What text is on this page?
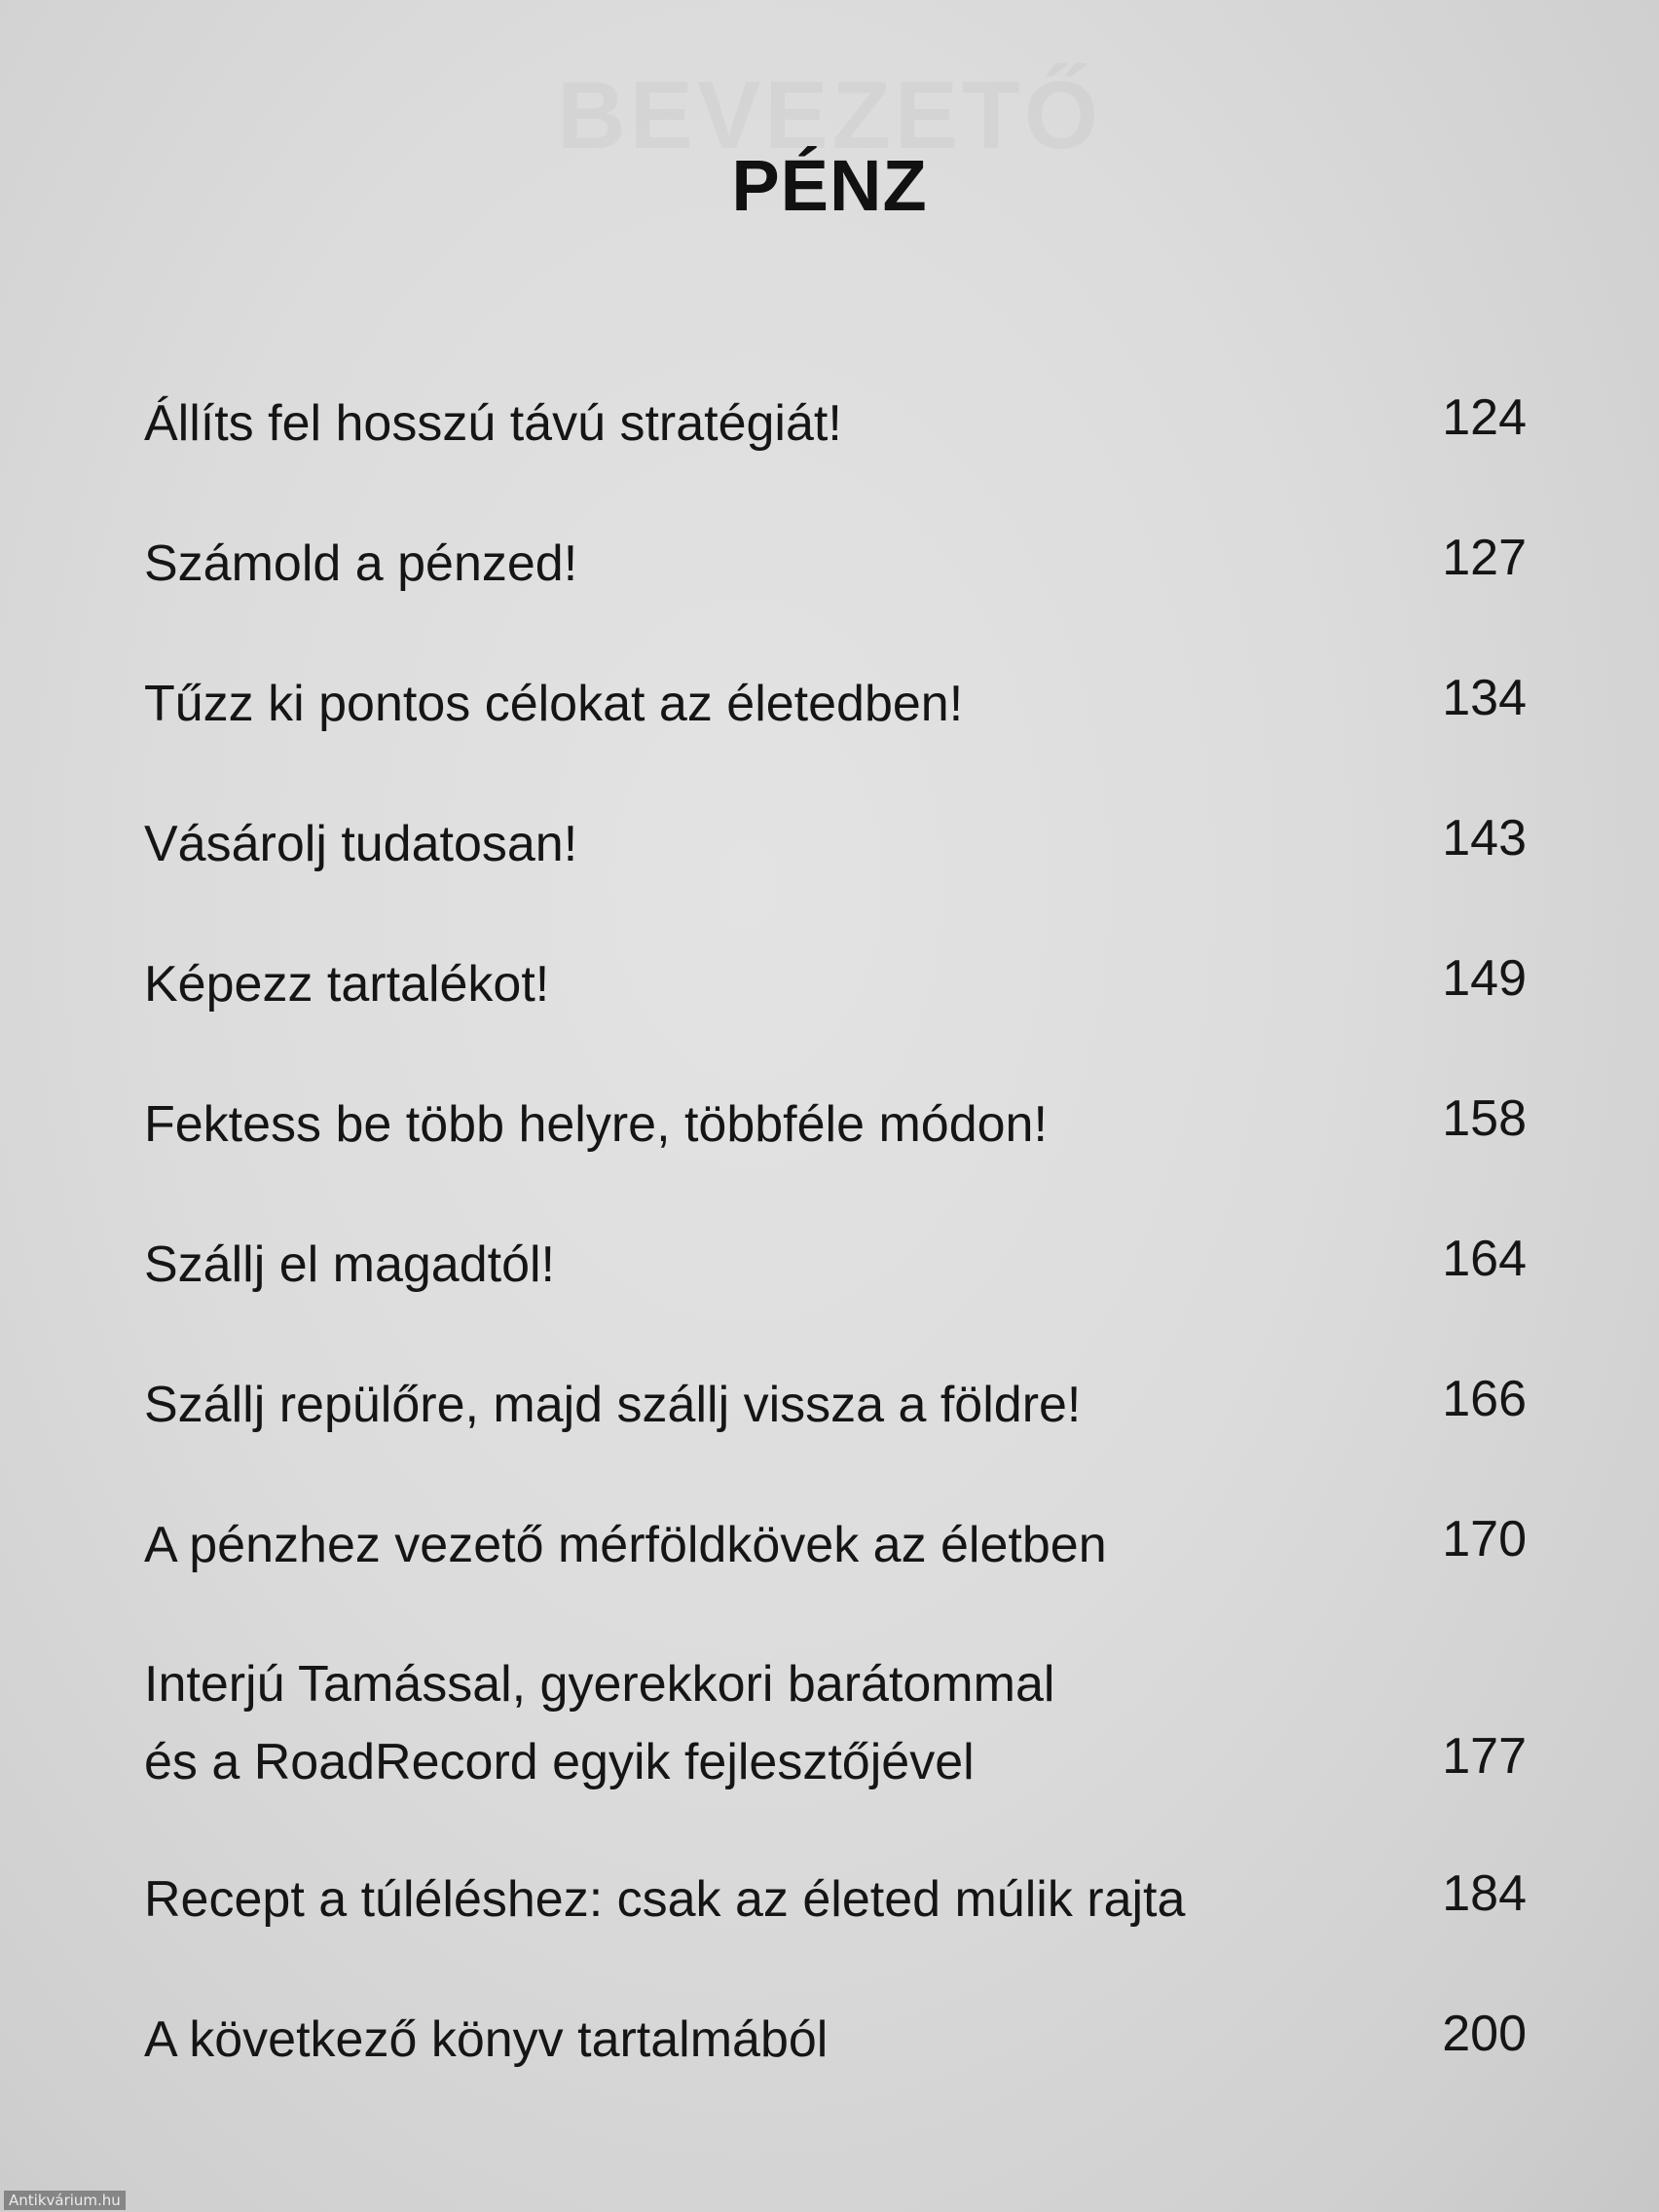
BEVEZETŐ
PÉNZ
Állíts fel hosszú távú stratégiát!	124
Számold a pénzed!	127
Tűzz ki pontos célokat az életedben!	134
Vásárolj tudatosan!	143
Képezz tartalékot!	149
Fektess be több helyre, többféle módon!	158
Szállj el magadtól!	164
Szállj repülőre, majd szállj vissza a földre!	166
A pénzhez vezető mérföldkövek az életben	170
Interjú Tamással, gyerekkori barátommal
és a RoadRecord egyik fejlesztőjével	177
Recept a túléléshez: csak az életed múlik rajta	184
A következő könyv tartalmából	200
Antikvárium.hu
